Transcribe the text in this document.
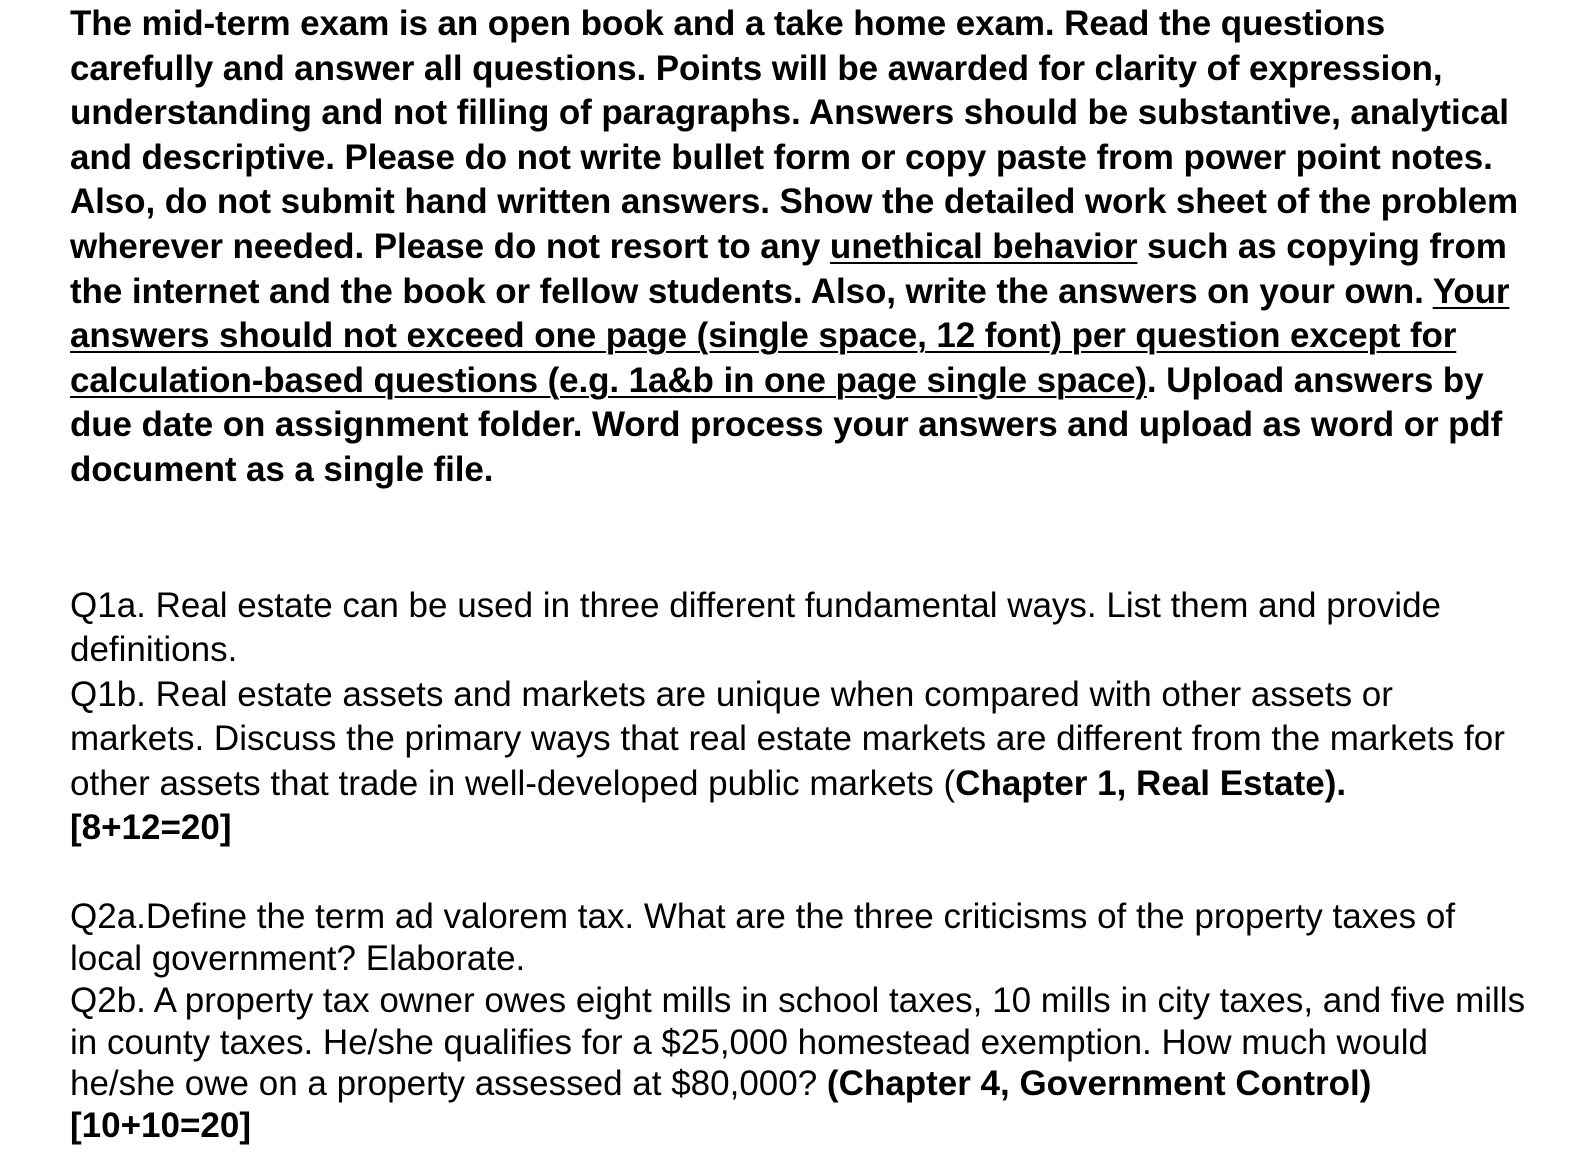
The mid-term exam is an open book and a take home exam. Read the questions carefully and answer all questions. Points will be awarded for clarity of expression, understanding and not filling of paragraphs. Answers should be substantive, analytical and descriptive. Please do not write bullet form or copy paste from power point notes. Also, do not submit hand written answers. Show the detailed work sheet of the problem wherever needed. Please do not resort to any unethical behavior such as copying from the internet and the book or fellow students. Also, write the answers on your own. Your answers should not exceed one page (single space, 12 font) per question except for calculation-based questions (e.g. 1a&b in one page single space). Upload answers by due date on assignment folder. Word process your answers and upload as word or pdf document as a single file.

Q1a. Real estate can be used in three different fundamental ways. List them and provide definitions.

Q1b. Real estate assets and markets are unique when compared with other assets or markets. Discuss the primary ways that real estate markets are different from the markets for other assets that trade in well-developed public markets (Chapter 1, Real Estate).
[8+12=20]

Q2a.Define the term ad valorem tax. What are the three criticisms of the property taxes of local government? Elaborate.

Q2b. A property tax owner owes eight mills in school taxes, 10 mills in city taxes, and five mills in county taxes. He/she qualifies for a $25,000 homestead exemption. How much would he/she owe on a property assessed at $80,000? (Chapter 4, Government Control)
[10+10=20]
